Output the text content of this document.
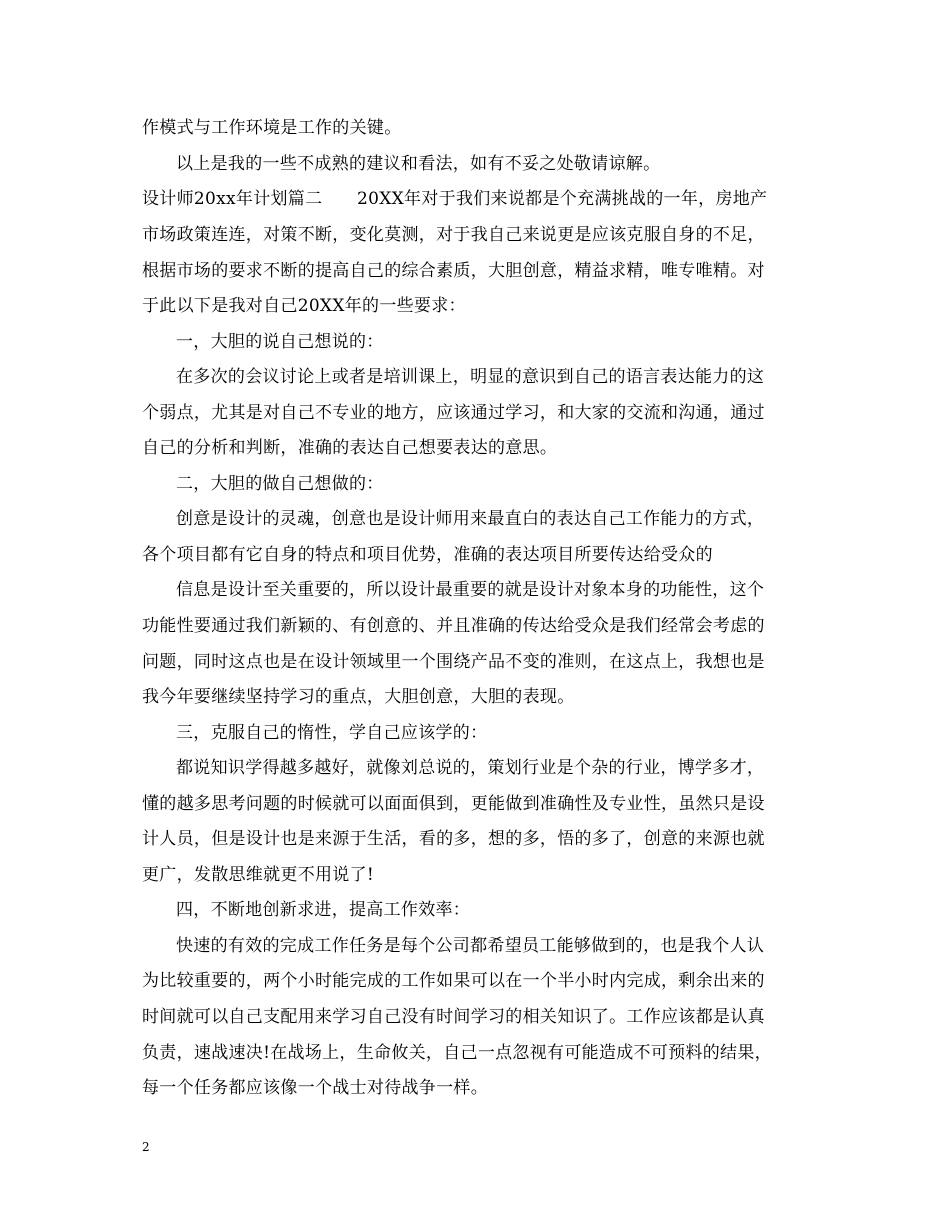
作模式与工作环境是工作的关键。
以上是我的一些不成熟的建议和看法，如有不妥之处敬请谅解。
设计师20xx年计划篇二　　20XX年对于我们来说都是个充满挑战的一年，房地产
市场政策连连，对策不断，变化莫测，对于我自己来说更是应该克服自身的不足，
根据市场的要求不断的提高自己的综合素质，大胆创意，精益求精，唯专唯精。对
于此以下是我对自己20XX年的一些要求：
一，大胆的说自己想说的：
在多次的会议讨论上或者是培训课上，明显的意识到自己的语言表达能力的这
个弱点，尤其是对自己不专业的地方，应该通过学习，和大家的交流和沟通，通过
自己的分析和判断，准确的表达自己想要表达的意思。
二，大胆的做自己想做的：
创意是设计的灵魂，创意也是设计师用来最直白的表达自己工作能力的方式，
各个项目都有它自身的特点和项目优势，准确的表达项目所要传达给受众的
信息是设计至关重要的，所以设计最重要的就是设计对象本身的功能性，这个
功能性要通过我们新颖的、有创意的、并且准确的传达给受众是我们经常会考虑的
问题，同时这点也是在设计领域里一个围绕产品不变的准则，在这点上，我想也是
我今年要继续坚持学习的重点，大胆创意，大胆的表现。
三，克服自己的惰性，学自己应该学的：
都说知识学得越多越好，就像刘总说的，策划行业是个杂的行业，博学多才，
懂的越多思考问题的时候就可以面面俱到，更能做到准确性及专业性，虽然只是设
计人员，但是设计也是来源于生活，看的多，想的多，悟的多了，创意的来源也就
更广，发散思维就更不用说了!
四，不断地创新求进，提高工作效率：
快速的有效的完成工作任务是每个公司都希望员工能够做到的，也是我个人认
为比较重要的，两个小时能完成的工作如果可以在一个半小时内完成，剩余出来的
时间就可以自己支配用来学习自己没有时间学习的相关知识了。工作应该都是认真
负责，速战速决!在战场上，生命攸关，自己一点忽视有可能造成不可预料的结果，
每一个任务都应该像一个战士对待战争一样。
2
